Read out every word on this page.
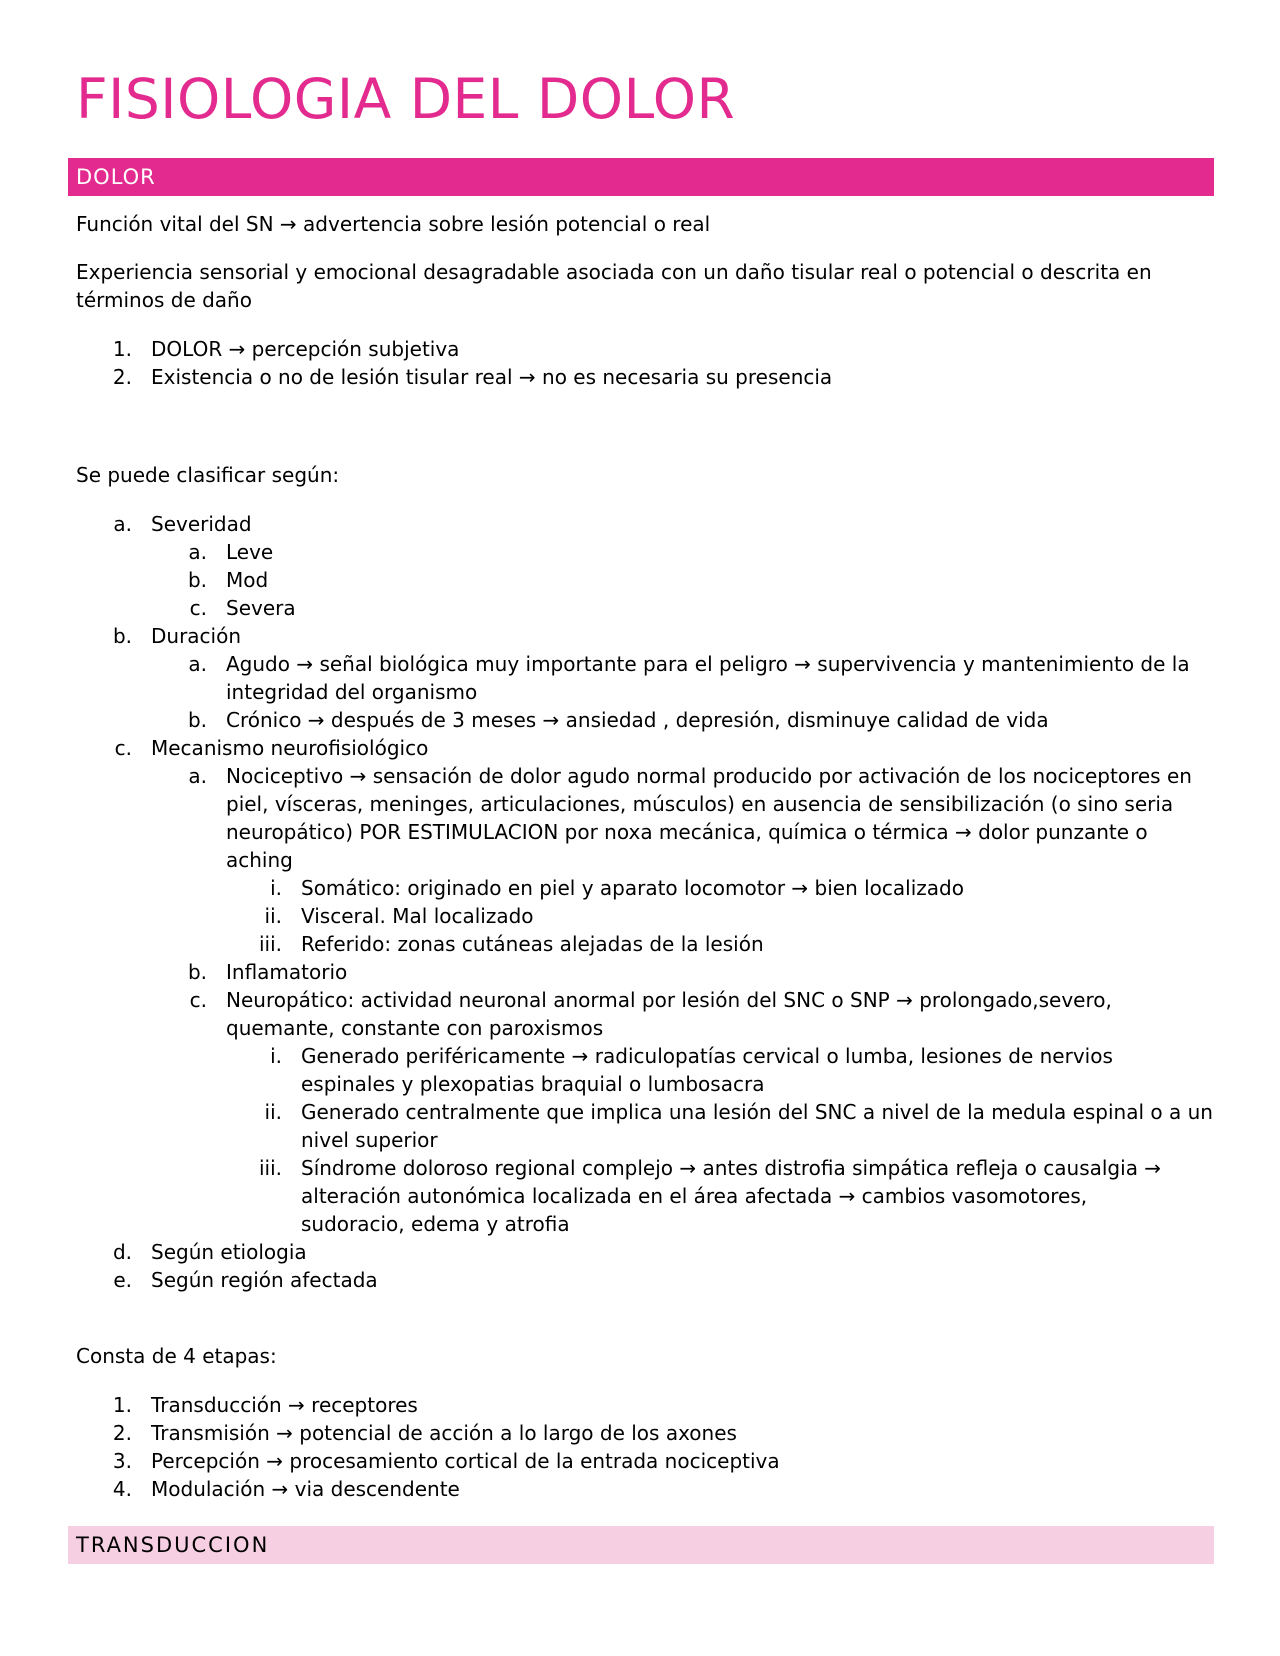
FISIOLOGIA DEL DOLOR
DOLOR
Función vital del SN → advertencia sobre lesión potencial o real
Experiencia sensorial y emocional desagradable asociada con un daño tisular real o potencial o descrita en términos de daño
1. DOLOR → percepción subjetiva
2. Existencia o no de lesión tisular real → no es necesaria su presencia
Se puede clasificar según:
a. Severidad
a. Leve
b. Mod
c. Severa
b. Duración
a. Agudo → señal biológica muy importante para el peligro → supervivencia y mantenimiento de la integridad del organismo
b. Crónico → después de 3 meses → ansiedad , depresión, disminuye calidad de vida
c. Mecanismo neurofisiológico
a. Nociceptivo → sensación de dolor agudo normal producido por activación de los nociceptores en piel, vísceras, meninges, articulaciones, músculos) en ausencia de sensibilización (o sino seria neuropático) POR ESTIMULACION por noxa mecánica, química o térmica → dolor punzante o aching
i. Somático: originado en piel y aparato locomotor → bien localizado
ii. Visceral. Mal localizado
iii. Referido: zonas cutáneas alejadas de la lesión
b. Inflamatorio
c. Neuropático: actividad neuronal anormal por lesión del SNC o SNP → prolongado,severo, quemante, constante con paroxismos
i. Generado periféricamente → radiculopatías cervical o lumba, lesiones de nervios espinales y plexopatias braquial o lumbosacra
ii. Generado centralmente que implica una lesión del SNC a nivel de la medula espinal o a un nivel superior
iii. Síndrome doloroso regional complejo → antes distrofia simpática refleja o causalgia → alteración autonómica localizada en el área afectada → cambios vasomotores, sudoracio, edema y atrofia
d. Según etiologia
e. Según región afectada
Consta de 4 etapas:
1. Transducción → receptores
2. Transmisión → potencial de acción a lo largo de los axones
3. Percepción → procesamiento cortical de la entrada nociceptiva
4. Modulación → via descendente
TRANSDUCCION
